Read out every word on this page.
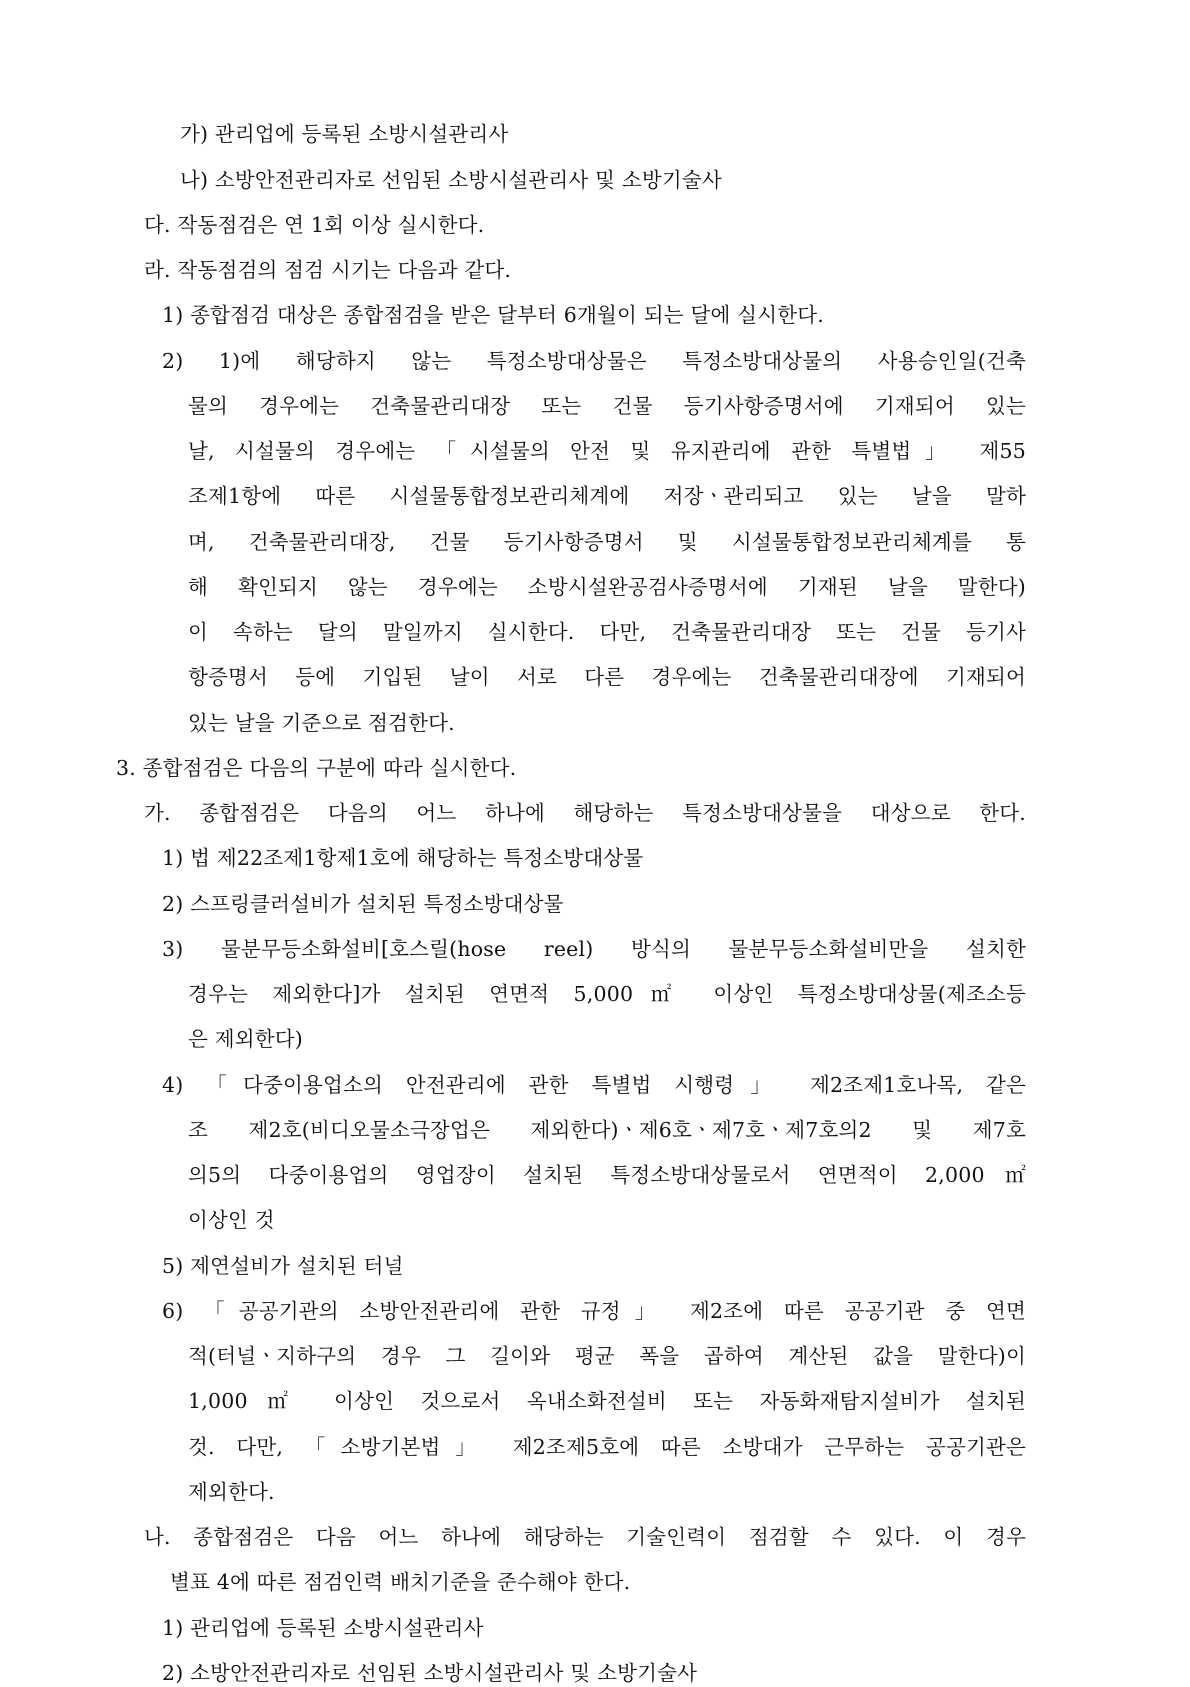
가) 관리업에 등록된 소방시설관리사
나) 소방안전관리자로 선임된 소방시설관리사 및 소방기술사
다. 작동점검은 연 1회 이상 실시한다.
라. 작동점검의 점검 시기는 다음과 같다.
1) 종합점검 대상은 종합점검을 받은 달부터 6개월이 되는 달에 실시한다.
2) 1)에 해당하지 않는 특정소방대상물은 특정소방대상물의 사용승인일(건축
물의 경우에는 건축물관리대장 또는 건물 등기사항증명서에 기재되어 있는
날, 시설물의 경우에는 「시설물의 안전 및 유지관리에 관한 특별법」 제55
조제1항에 따른 시설물통합정보관리체계에 저장ㆍ관리되고 있는 날을 말하
며, 건축물관리대장, 건물 등기사항증명서 및 시설물통합정보관리체계를 통
해 확인되지 않는 경우에는 소방시설완공검사증명서에 기재된 날을 말한다)
이 속하는 달의 말일까지 실시한다. 다만, 건축물관리대장 또는 건물 등기사
항증명서 등에 기입된 날이 서로 다른 경우에는 건축물관리대장에 기재되어
있는 날을 기준으로 점검한다.
3. 종합점검은 다음의 구분에 따라 실시한다.
가. 종합점검은 다음의 어느 하나에 해당하는 특정소방대상물을 대상으로 한다.
1) 법 제22조제1항제1호에 해당하는 특정소방대상물
2) 스프링클러설비가 설치된 특정소방대상물
3) 물분무등소화설비[호스릴(hose reel) 방식의 물분무등소화설비만을 설치한
경우는 제외한다]가 설치된 연면적 5,000㎡ 이상인 특정소방대상물(제조소등
은 제외한다)
4) 「다중이용업소의 안전관리에 관한 특별법 시행령」 제2조제1호나목, 같은
조 제2호(비디오물소극장업은 제외한다)ㆍ제6호ㆍ제7호ㆍ제7호의2 및 제7호
의5의 다중이용업의 영업장이 설치된 특정소방대상물로서 연면적이 2,000㎡
이상인 것
5) 제연설비가 설치된 터널
6) 「공공기관의 소방안전관리에 관한 규정」 제2조에 따른 공공기관 중 연면
적(터널ㆍ지하구의 경우 그 길이와 평균 폭을 곱하여 계산된 값을 말한다)이
1,000㎡ 이상인 것으로서 옥내소화전설비 또는 자동화재탐지설비가 설치된
것. 다만, 「소방기본법」 제2조제5호에 따른 소방대가 근무하는 공공기관은
제외한다.
나. 종합점검은 다음 어느 하나에 해당하는 기술인력이 점검할 수 있다. 이 경우
별표 4에 따른 점검인력 배치기준을 준수해야 한다.
1) 관리업에 등록된 소방시설관리사
2) 소방안전관리자로 선임된 소방시설관리사 및 소방기술사
